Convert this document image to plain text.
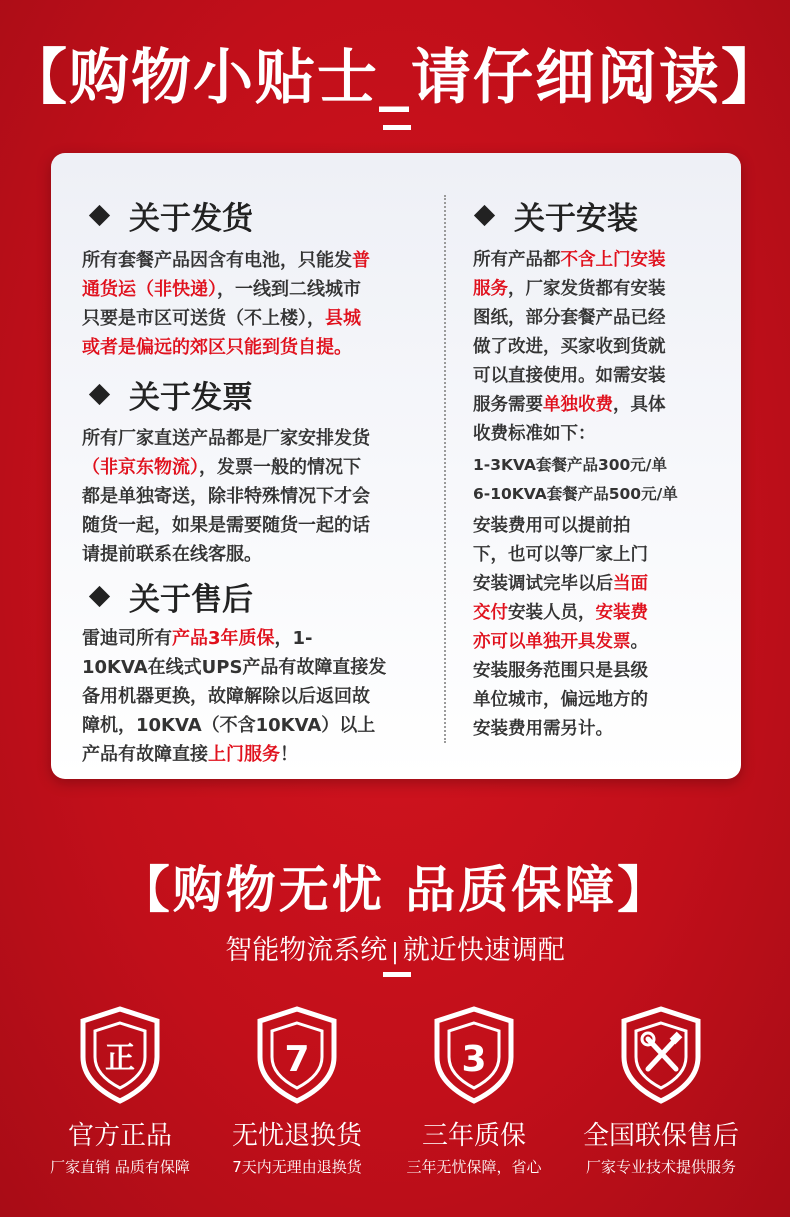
【购物小贴士_请仔细阅读】
关于发货
所有套餐产品因含有电池，只能发普
通货运（非快递），一线到二线城市
只要是市区可送货（不上楼），县城
或者是偏远的郊区只能到货自提。
关于发票
所有厂家直送产品都是厂家安排发货
（非京东物流），发票一般的情况下
都是单独寄送，除非特殊情况下才会
随货一起，如果是需要随货一起的话
请提前联系在线客服。
关于售后
雷迪司所有产品3年质保，1-
10KVA在线式UPS产品有故障直接发
备用机器更换，故障解除以后返回故
障机，10KVA（不含10KVA）以上
产品有故障直接上门服务！
关于安装
所有产品都不含上门安装
服务，厂家发货都有安装
图纸，部分套餐产品已经
做了改进，买家收到货就
可以直接使用。如需安装
服务需要单独收费，具体
收费标准如下：
1-3KVA套餐产品300元/单
6-10KVA套餐产品500元/单
安装费用可以提前拍
下，也可以等厂家上门
安装调试完毕以后当面
交付安装人员，安装费
亦可以单独开具发票。
安装服务范围只是县级
单位城市，偏远地方的
安装费用需另计。
【购物无忧 品质保障】
智能物流系统 | 就近快速调配
正
官方正品
厂家直销 品质有保障
7
无忧退换货
7天内无理由退换货
3
三年质保
三年无忧保障，省心
全国联保售后
厂家专业技术提供服务
